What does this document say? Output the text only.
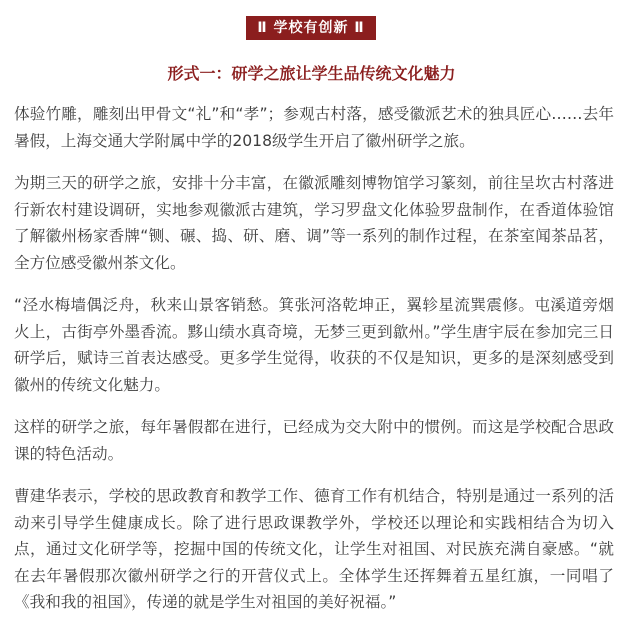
Ⅱ 学校有创新 Ⅱ
形式一：研学之旅让学生品传统文化魅力

体验竹雕，雕刻出甲骨文“礼”和“孝”；参观古村落，感受徽派艺术的独具匠心……去年暑假，上海交通大学附属中学的2018级学生开启了徽州研学之旅。

为期三天的研学之旅，安排十分丰富，在徽派雕刻博物馆学习篆刻，前往呈坎古村落进行新农村建设调研，实地参观徽派古建筑，学习罗盘文化体验罗盘制作，在香道体验馆了解徽州杨家香牌“铡、碾、捣、研、磨、调”等一系列的制作过程，在茶室闻茶品茗，全方位感受徽州茶文化。

“泾水梅墙偶泛舟，秋来山景客销愁。箕张河洛乾坤正，翼轸星流巽震修。屯溪道旁烟火上，古街亭外墨香流。黟山绩水真奇境，无梦三更到歙州。”学生唐宇辰在参加完三日研学后，赋诗三首表达感受。更多学生觉得，收获的不仅是知识，更多的是深刻感受到徽州的传统文化魅力。

这样的研学之旅，每年暑假都在进行，已经成为交大附中的惯例。而这是学校配合思政课的特色活动。

曹建华表示，学校的思政教育和教学工作、德育工作有机结合，特别是通过一系列的活动来引导学生健康成长。除了进行思政课教学外，学校还以理论和实践相结合为切入点，通过文化研学等，挖掘中国的传统文化，让学生对祖国、对民族充满自豪感。“就在去年暑假那次徽州研学之行的开营仪式上。全体学生还挥舞着五星红旗，一同唱了《我和我的祖国》，传递的就是学生对祖国的美好祝福。”
